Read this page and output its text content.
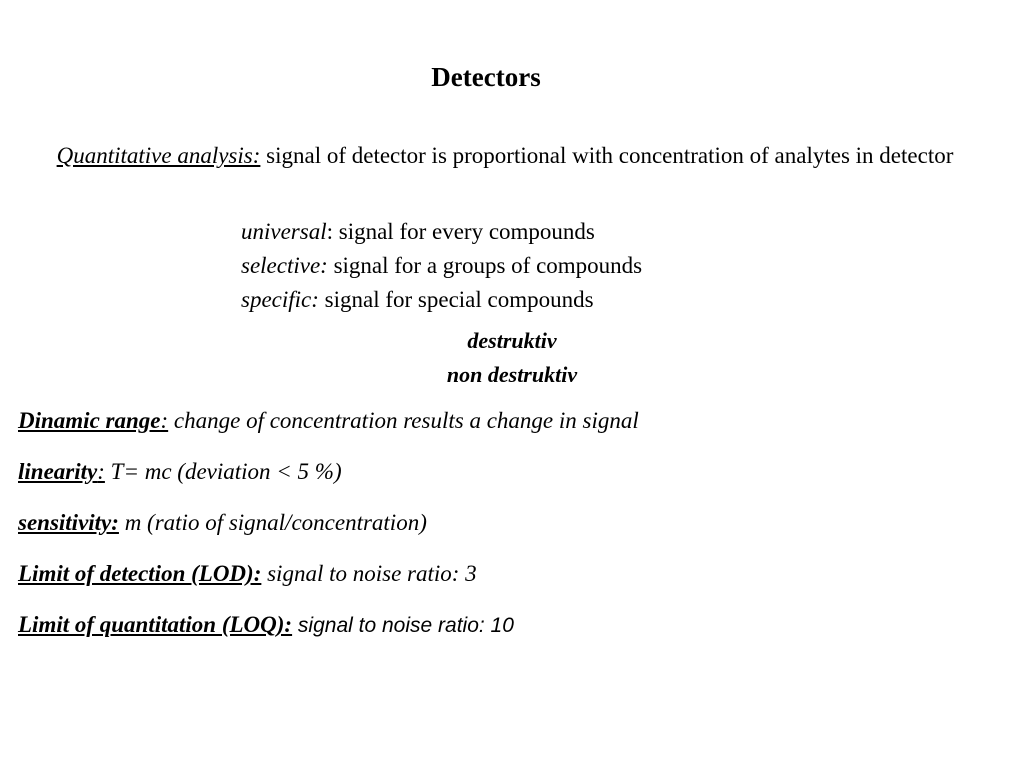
Detectors
Quantitative analysis: signal of detector is proportional with concentration of analytes in detector
universal: signal for every compounds
selective: signal for a groups of compounds
specific: signal for special compounds
destruktiv
non destruktiv
Dinamic range: change of concentration results a change in signal
linearity: T= mc (deviation < 5 %)
sensitivity: m (ratio of signal/concentration)
Limit of detection (LOD): signal to noise ratio: 3
Limit of quantitation (LOQ): signal to noise ratio: 10
